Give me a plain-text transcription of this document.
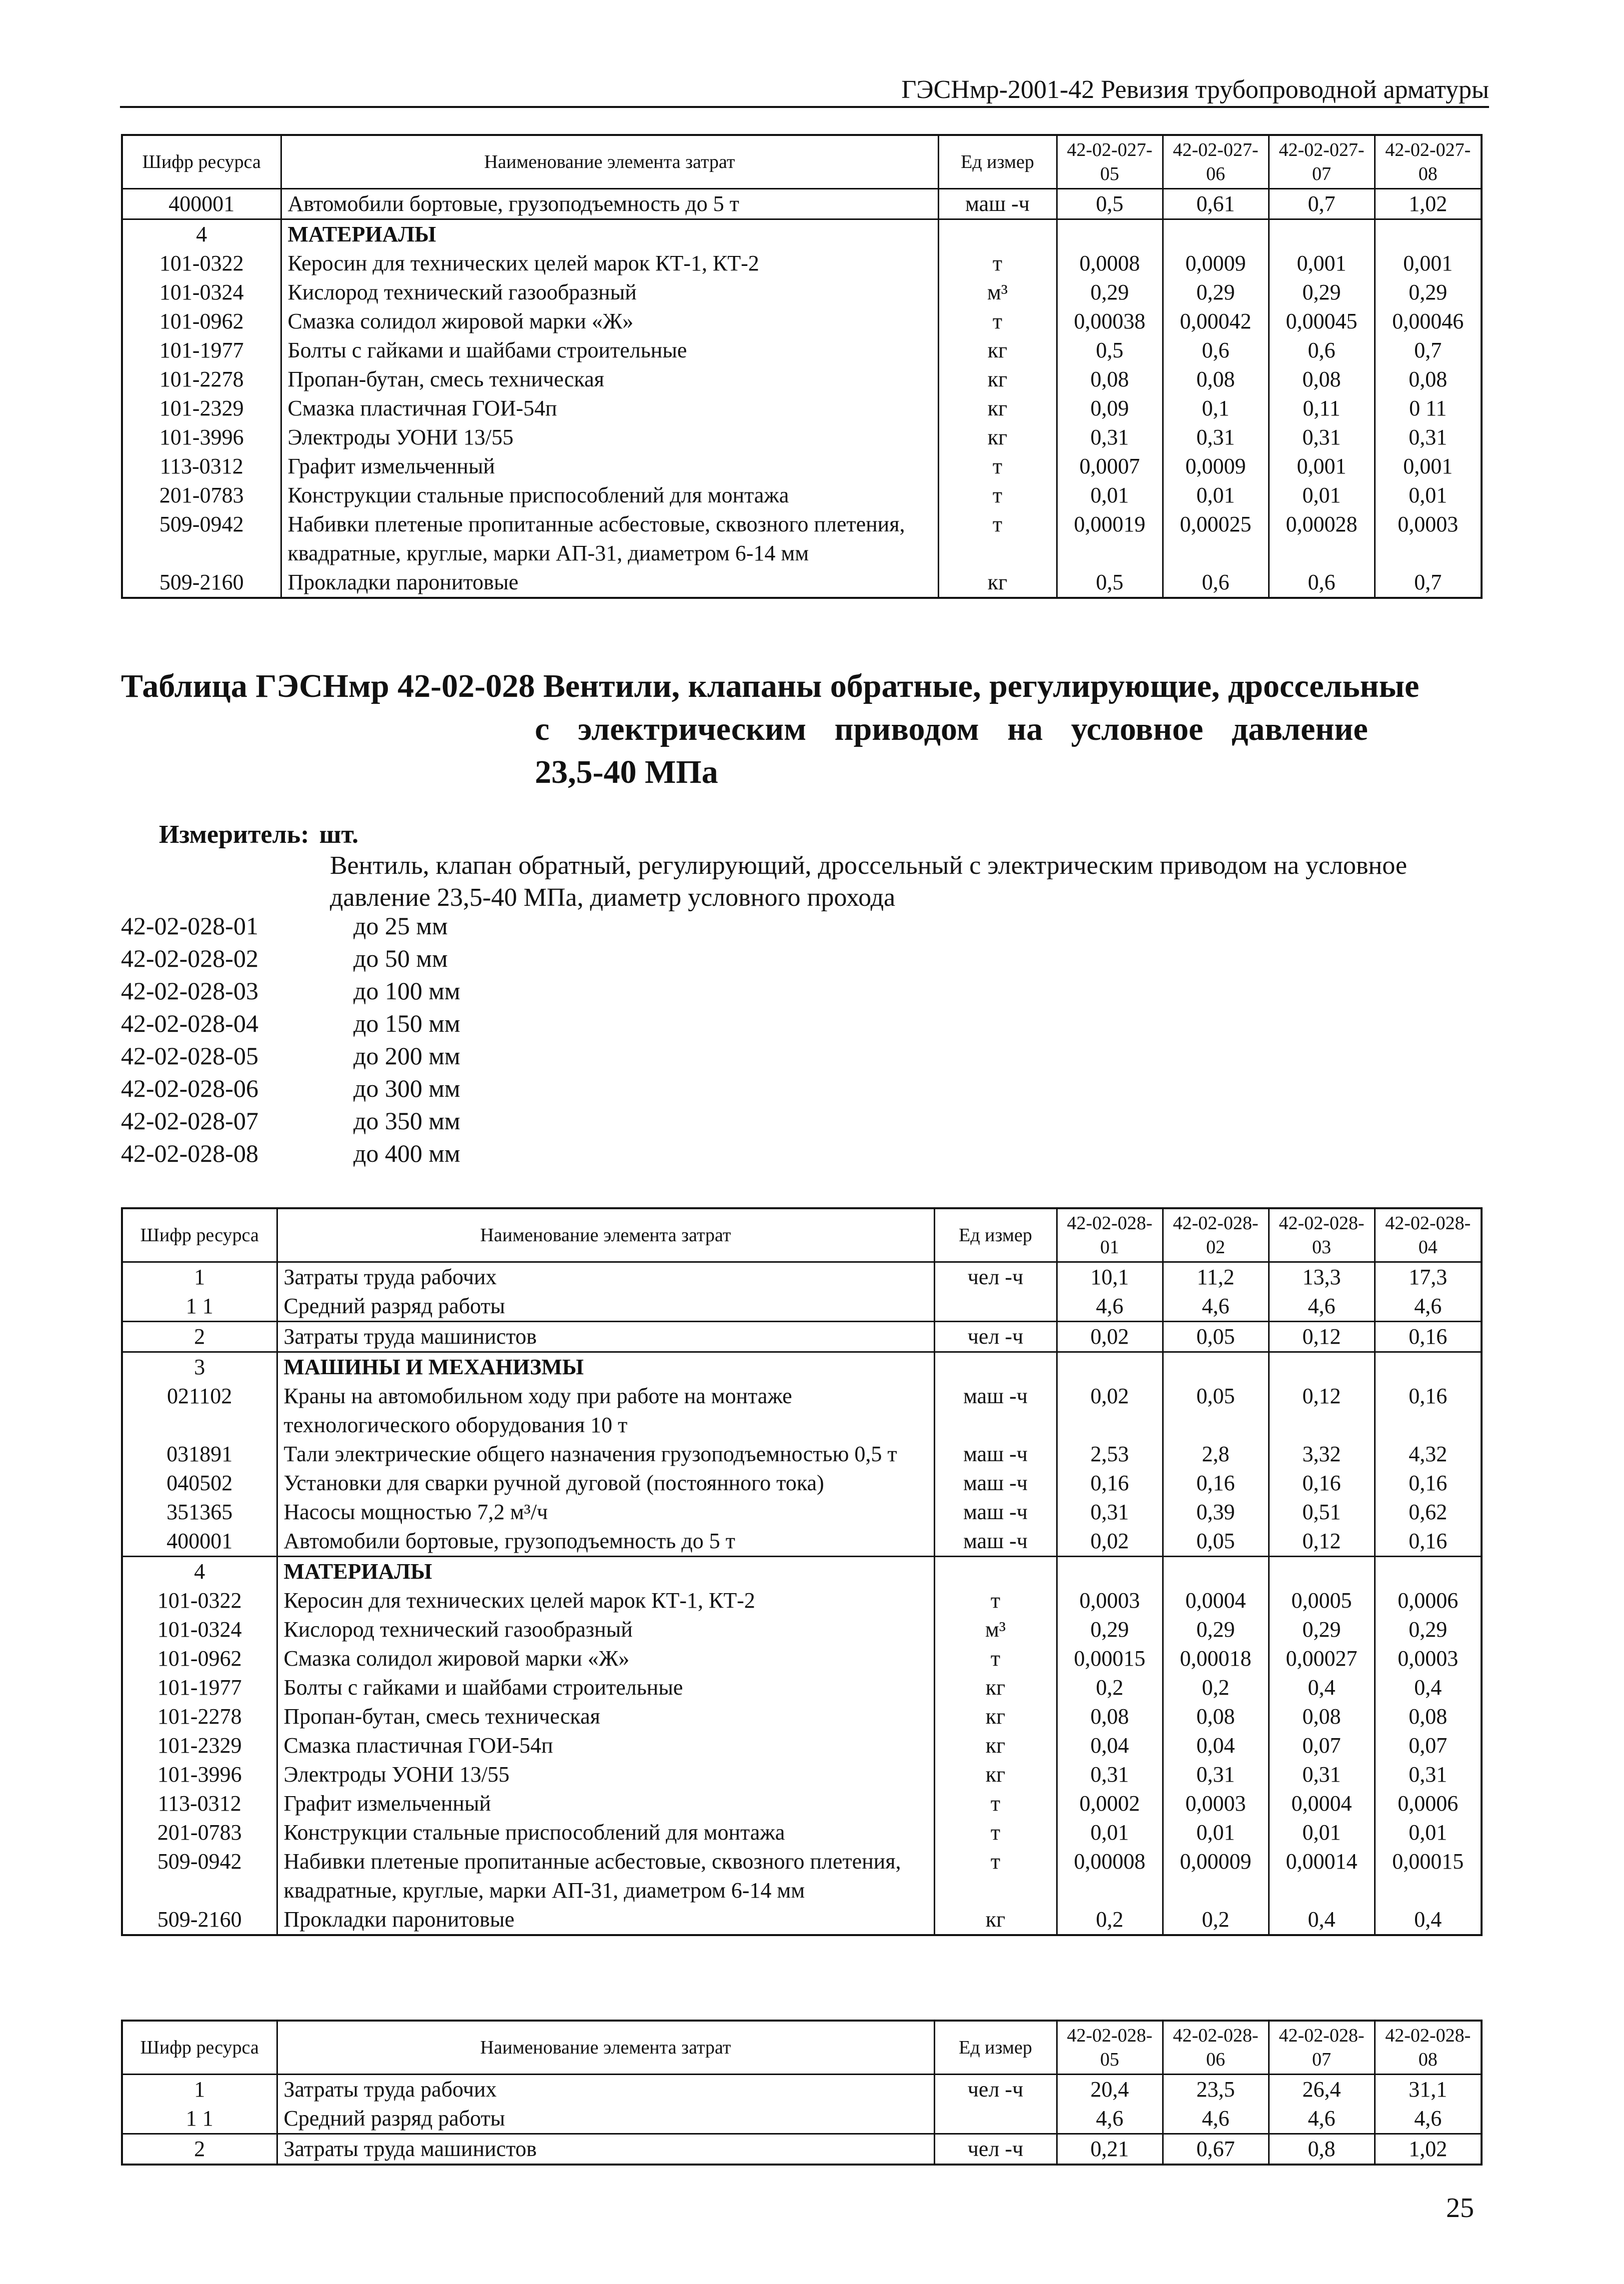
ГЭСНмр-2001-42 Ревизия трубопроводной арматуры
Шифр ресурса	Наименование элемента затрат	Ед измер	42-02-027-05	42-02-027-06	42-02-027-07	42-02-027-08
400001	Автомобили бортовые, грузоподъемность до 5 т	маш -ч	0,5	0,61	0,7	1,02
4	МАТЕРИАЛЫ					
101-0322	Керосин для технических целей марок КТ-1, КТ-2	т	0,0008	0,0009	0,001	0,001
101-0324	Кислород технический газообразный	м³	0,29	0,29	0,29	0,29
101-0962	Смазка солидол жировой марки «Ж»	т	0,00038	0,00042	0,00045	0,00046
101-1977	Болты с гайками и шайбами строительные	кг	0,5	0,6	0,6	0,7
101-2278	Пропан-бутан, смесь техническая	кг	0,08	0,08	0,08	0,08
101-2329	Смазка пластичная ГОИ-54п	кг	0,09	0,1	0,11	0 11
101-3996	Электроды УОНИ 13/55	кг	0,31	0,31	0,31	0,31
113-0312	Графит измельченный	т	0,0007	0,0009	0,001	0,001
201-0783	Конструкции стальные приспособлений для монтажа	т	0,01	0,01	0,01	0,01
509-0942	Набивки плетеные пропитанные асбестовые, сквозного плетения, квадратные, круглые, марки АП-31, диаметром 6-14 мм	т	0,00019	0,00025	0,00028	0,0003
509-2160	Прокладки паронитовые	кг	0,5	0,6	0,6	0,7
Таблица ГЭСНмр 42-02-028 Вентили, клапаны обратные, регулирующие, дроссельные
с электрическим приводом на условное давление
23,5-40 МПа
Измеритель: шт.
Вентиль, клапан обратный, регулирующий, дроссельный с электрическим приводом на условное давление 23,5-40 МПа, диаметр условного прохода
42-02-028-01	до 25 мм
42-02-028-02	до 50 мм
42-02-028-03	до 100 мм
42-02-028-04	до 150 мм
42-02-028-05	до 200 мм
42-02-028-06	до 300 мм
42-02-028-07	до 350 мм
42-02-028-08	до 400 мм
Шифр ресурса	Наименование элемента затрат	Ед измер	42-02-028-01	42-02-028-02	42-02-028-03	42-02-028-04
1	Затраты труда рабочих	чел -ч	10,1	11,2	13,3	17,3
1 1	Средний разряд работы		4,6	4,6	4,6	4,6
2	Затраты труда машинистов	чел -ч	0,02	0,05	0,12	0,16
3	МАШИНЫ И МЕХАНИЗМЫ					
021102	Краны на автомобильном ходу при работе на монтаже технологического оборудования 10 т	маш -ч	0,02	0,05	0,12	0,16
031891	Тали электрические общего назначения грузоподъемностью 0,5 т	маш -ч	2,53	2,8	3,32	4,32
040502	Установки для сварки ручной дуговой (постоянного тока)	маш -ч	0,16	0,16	0,16	0,16
351365	Насосы мощностью 7,2 м³/ч	маш -ч	0,31	0,39	0,51	0,62
400001	Автомобили бортовые, грузоподъемность до 5 т	маш -ч	0,02	0,05	0,12	0,16
4	МАТЕРИАЛЫ					
101-0322	Керосин для технических целей марок КТ-1, КТ-2	т	0,0003	0,0004	0,0005	0,0006
101-0324	Кислород технический газообразный	м³	0,29	0,29	0,29	0,29
101-0962	Смазка солидол жировой марки «Ж»	т	0,00015	0,00018	0,00027	0,0003
101-1977	Болты с гайками и шайбами строительные	кг	0,2	0,2	0,4	0,4
101-2278	Пропан-бутан, смесь техническая	кг	0,08	0,08	0,08	0,08
101-2329	Смазка пластичная ГОИ-54п	кг	0,04	0,04	0,07	0,07
101-3996	Электроды УОНИ 13/55	кг	0,31	0,31	0,31	0,31
113-0312	Графит измельченный	т	0,0002	0,0003	0,0004	0,0006
201-0783	Конструкции стальные приспособлений для монтажа	т	0,01	0,01	0,01	0,01
509-0942	Набивки плетеные пропитанные асбестовые, сквозного плетения, квадратные, круглые, марки АП-31, диаметром 6-14 мм	т	0,00008	0,00009	0,00014	0,00015
509-2160	Прокладки паронитовые	кг	0,2	0,2	0,4	0,4
Шифр ресурса	Наименование элемента затрат	Ед измер	42-02-028-05	42-02-028-06	42-02-028-07	42-02-028-08
1	Затраты труда рабочих	чел -ч	20,4	23,5	26,4	31,1
1 1	Средний разряд работы		4,6	4,6	4,6	4,6
2	Затраты труда машинистов	чел -ч	0,21	0,67	0,8	1,02
25
